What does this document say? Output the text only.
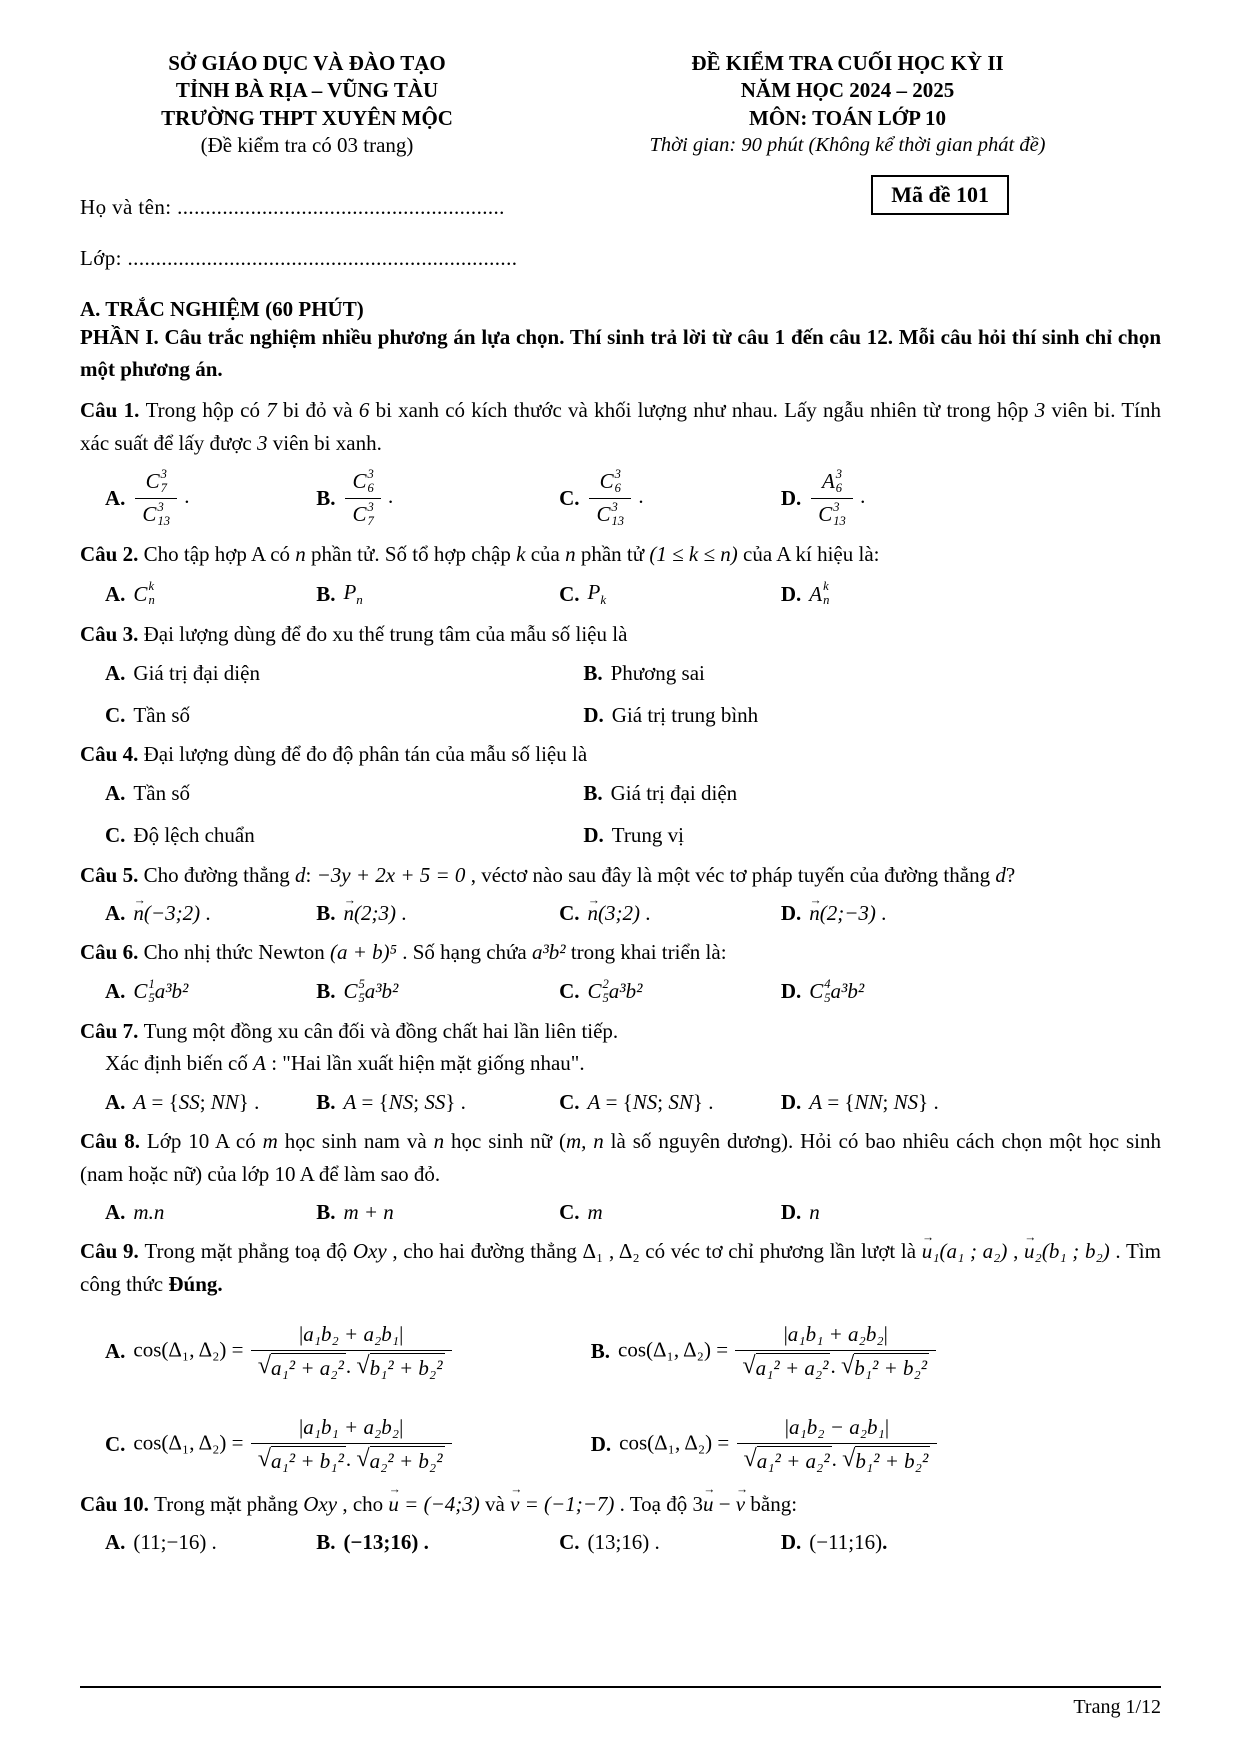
SỞ GIÁO DỤC VÀ ĐÀO TẠO
TỈNH BÀ RỊA – VŨNG TÀU
TRƯỜNG THPT XUYÊN MỘC
(Đề kiểm tra có 03 trang)
ĐỀ KIỂM TRA CUỐI HỌC KỲ II
NĂM HỌC 2024 – 2025
MÔN: TOÁN LỚP 10
Thời gian: 90 phút (Không kể thời gian phát đề)
Họ và tên: ..........................................................
Lớp: .....................................................................
Mã đề 101
A. TRẮC NGHIỆM (60 PHÚT)
PHẦN I. Câu trắc nghiệm nhiều phương án lựa chọn. Thí sinh trả lời từ câu 1 đến câu 12. Mỗi câu hỏi thí sinh chỉ chọn một phương án.

Câu 1. Trong hộp có 7 bi đỏ và 6 bi xanh có kích thước và khối lượng như nhau. Lấy ngẫu nhiên từ trong hộp 3 viên bi. Tính xác suất để lấy được 3 viên bi xanh.

A. C 3
7
C 3
13 .	B. C 3
6
C 3
7 .	C. C 3
6
C 3
13 .	D. A 3
6
C 3
13 .

Câu 2. Cho tập hợp A có n phần tử. Số tổ hợp chập k của n phần tử (1 ≤ k ≤ n) của A kí hiệu là:

A. C k
n	B. $P_n$	C. $P_k$	D. A k
n

Câu 3. Đại lượng dùng để đo xu thế trung tâm của mẫu số liệu là

A. Giá trị đại diện	B. Phương sai
C. Tần số	D. Giá trị trung bình

Câu 4. Đại lượng dùng để đo độ phân tán của mẫu số liệu là

A. Tần số	B. Giá trị đại diện
C. Độ lệch chuẩn	D. Trung vị

Câu 5. Cho đường thẳng d: −3y + 2x + 5 = 0 , véctơ nào sau đây là một véc tơ pháp tuyến của đường thẳng d?

A. → n(−3;2) .	B. → n(2;3) .	C. → n(3;2) .	D. → n(2;−3) .

Câu 6. Cho nhị thức Newton (a + b)⁵ . Số hạng chứa a³b² trong khai triển là:

A. C 1
5 a³b²	B. C 5
5 a³b²	C. C 2
5 a³b²	D. C 4
5 a³b²

Câu 7. Tung một đồng xu cân đối và đồng chất hai lần liên tiếp.

Xác định biến cố A : "Hai lần xuất hiện mặt giống nhau".

A. A = {SS; NN} .	B. A = {NS; SS} .	C. A = {NS; SN} .	D. A = {NN; NS} .

Câu 8. Lớp 10 A có m học sinh nam và n học sinh nữ (m, n là số nguyên dương). Hỏi có bao nhiêu cách chọn một học sinh (nam hoặc nữ) của lớp 10 A để làm sao đỏ.

A. m.n	B. m + n	C. m	D. n

Câu 9. Trong mặt phẳng toạ độ Oxy , cho hai đường thẳng Δ₁ , Δ₂ có véc tơ chỉ phương lần lượt là → u₁(a₁ ; a₂) , → u₂(b₁ ; b₂) . Tìm công thức Đúng.

A. cos(Δ₁, $\Delta_2) = \frac{\text{|a₁b₂ + a₂b₁|}}{\text{√ a₁² + a₂² . √ b₁² + b₂²}}$	B. cos(Δ₁, $\Delta_2) = \frac{\text{|a₁b₁ + a₂b₂|}}{\text{√ a₁² + a₂² . √ b₁² + b₂²}}$
C. cos(Δ₁, $\Delta_2) = \frac{\text{|a₁b₁ + a₂b₂|}}{\text{√ a₁² + b₁² . √ a₂² + b₂²}}$	D. cos(Δ₁, $\Delta_2) = \frac{\text{|a₁b₂ − a₂b₁|}}{\text{√ a₁² + a₂² . √ b₁² + b₂²}}$

Câu 10. Trong mặt phẳng Oxy , cho → u = (−4;3) và → v = (−1;−7) . Toạ độ 3→ u − → v bằng:

A. (11;−16) .	B. (−13;16) .	C. (13;16) .	D. (−11;16).
Trang 1/12
